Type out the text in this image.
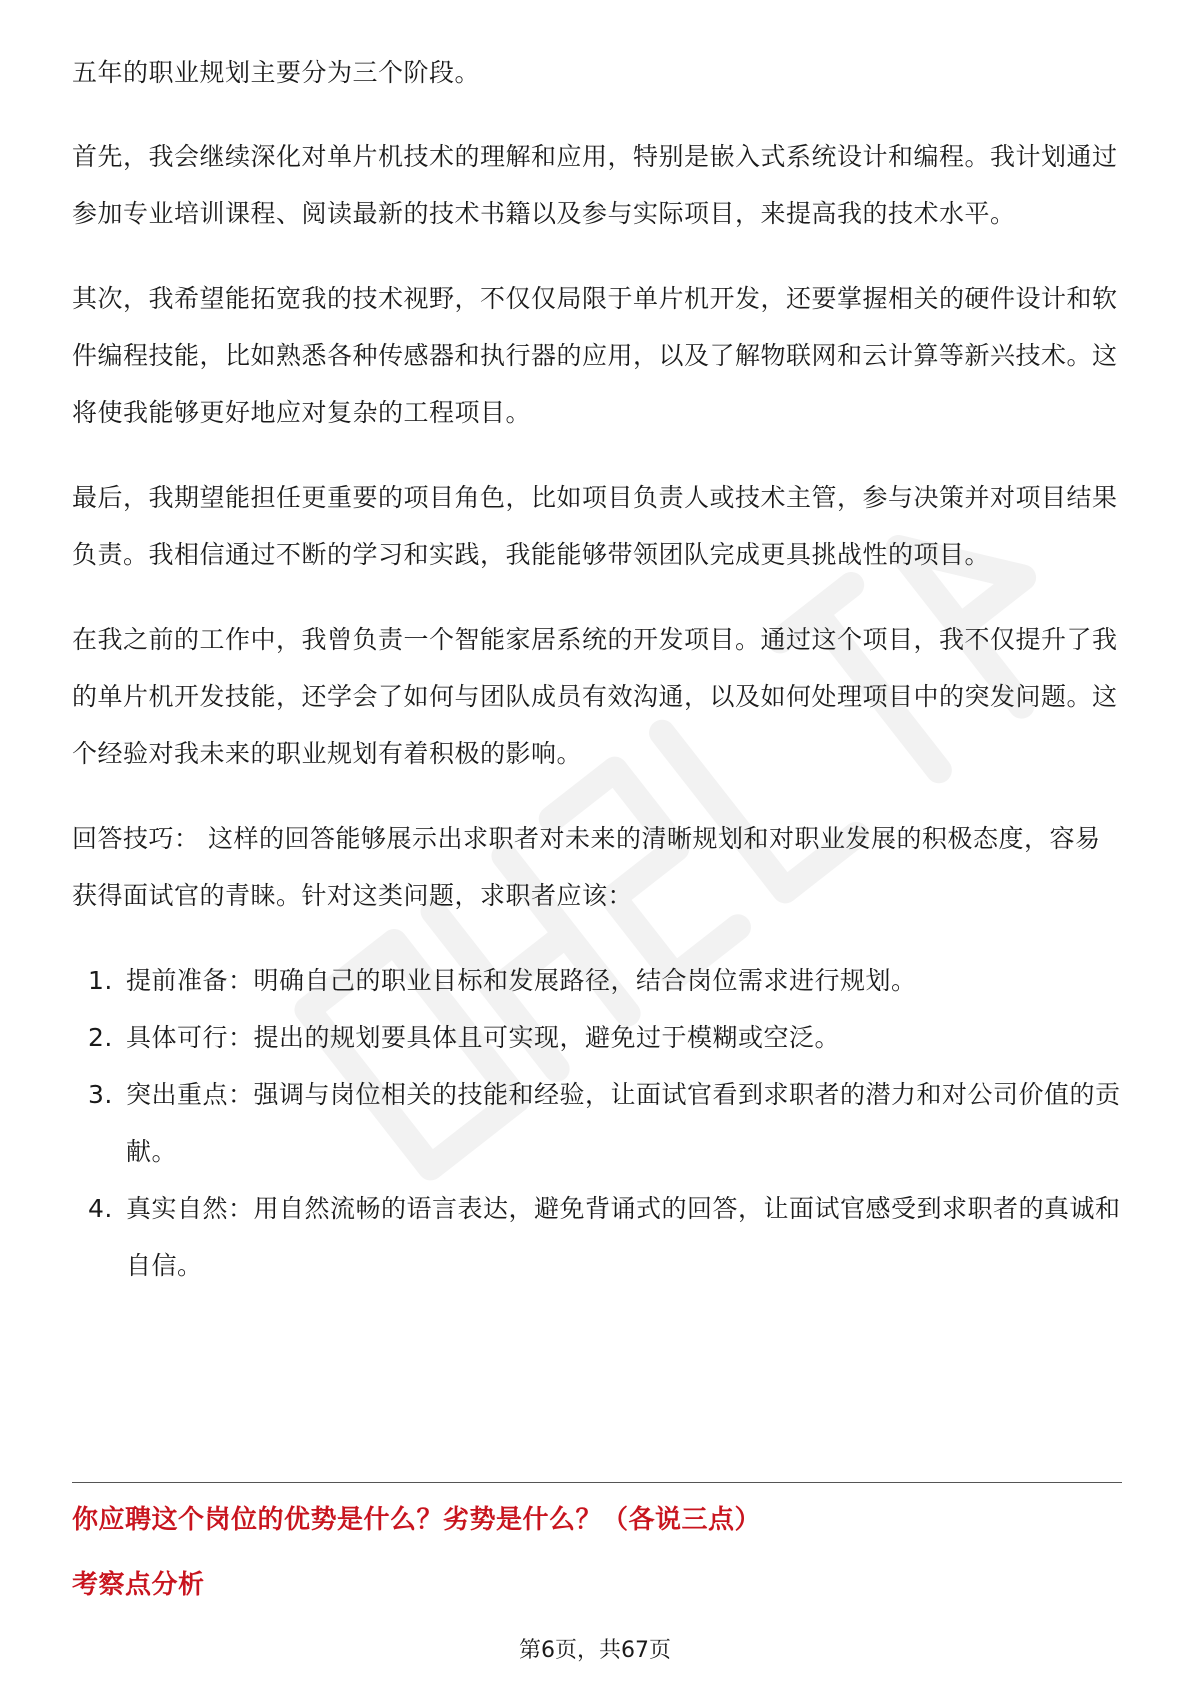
五年的职业规划主要分为三个阶段。

首先，我会继续深化对单片机技术的理解和应用，特别是嵌入式系统设计和编程。我计划通过参加专业培训课程、阅读最新的技术书籍以及参与实际项目，来提高我的技术水平。

其次，我希望能拓宽我的技术视野，不仅仅局限于单片机开发，还要掌握相关的硬件设计和软件编程技能，比如熟悉各种传感器和执行器的应用，以及了解物联网和云计算等新兴技术。这将使我能够更好地应对复杂的工程项目。

最后，我期望能担任更重要的项目角色，比如项目负责人或技术主管，参与决策并对项目结果负责。我相信通过不断的学习和实践，我能能够带领团队完成更具挑战性的项目。

在我之前的工作中，我曾负责一个智能家居系统的开发项目。通过这个项目，我不仅提升了我的单片机开发技能，还学会了如何与团队成员有效沟通，以及如何处理项目中的突发问题。这个经验对我未来的职业规划有着积极的影响。

回答技巧： 这样的回答能够展示出求职者对未来的清晰规划和对职业发展的积极态度，容易获得面试官的青睐。针对这类问题，求职者应该：

1. 提前准备：明确自己的职业目标和发展路径，结合岗位需求进行规划。
2. 具体可行：提出的规划要具体且可实现，避免过于模糊或空泛。
3. 突出重点：强调与岗位相关的技能和经验，让面试官看到求职者的潜力和对公司价值的贡献。
4. 真实自然：用自然流畅的语言表达，避免背诵式的回答，让面试官感受到求职者的真诚和自信。
你应聘这个岗位的优势是什么？劣势是什么？（各说三点）
考察点分析
第6页，共67页
